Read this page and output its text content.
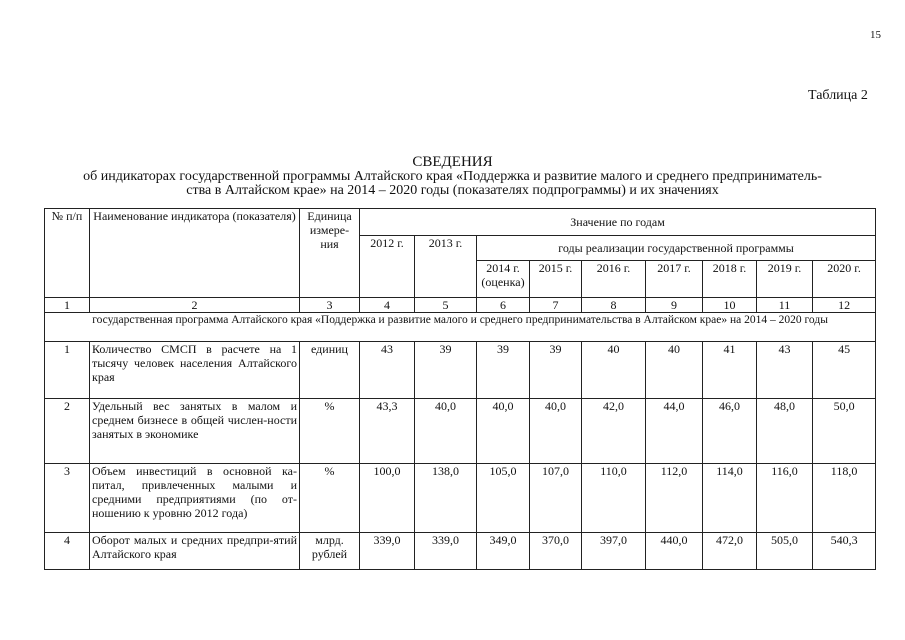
15
Таблица 2
СВЕДЕНИЯ
об индикаторах государственной программы Алтайского края «Поддержка и развитие малого и среднего предприниматель-
ства в Алтайском крае» на 2014 – 2020 годы (показателях подпрограммы) и их значениях
№ п/п	Наименование индикатора (показателя)	Единица измере-ния	Значение по годам								
			2012 г.	2013 г.	годы реализации государственной программы						
					2014 г. (оценка)	2015 г.	2016 г.	2017 г.	2018 г.	2019 г.	2020 г.
1	2	3	4	5	6	7	8	9	10	11	12
государственная программа Алтайского края «Поддержка и развитие малого и среднего предпринимательства в Алтайском крае» на 2014 – 2020 годы											
1	Количество СМСП в расчете на 1 тысячу человек населения Алтайского края	единиц	43	39	39	39	40	40	41	43	45
2	Удельный вес занятых в малом и среднем бизнесе в общей числен-ности занятых в экономике	%	43,3	40,0	40,0	40,0	42,0	44,0	46,0	48,0	50,0
3	Объем инвестиций в основной ка-питал, привлеченных малыми и средними предприятиями (по от-ношению к уровню 2012 года)	%	100,0	138,0	105,0	107,0	110,0	112,0	114,0	116,0	118,0
4	Оборот малых и средних предпри-ятий Алтайского края	млрд. рублей	339,0	339,0	349,0	370,0	397,0	440,0	472,0	505,0	540,3
